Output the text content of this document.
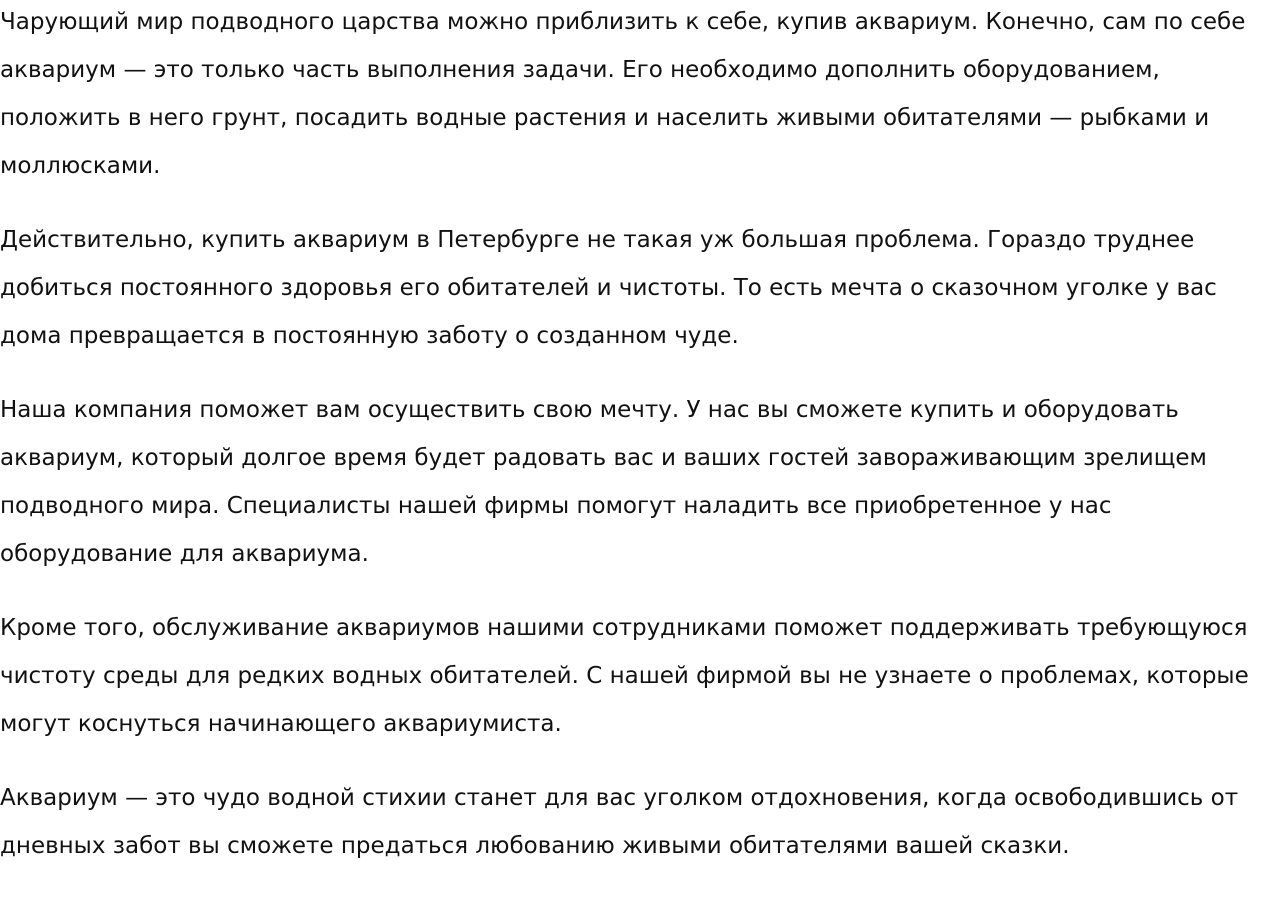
Чарующий мир подводного царства можно приблизить к себе, купив аквариум. Конечно, сам по себе аквариум — это только часть выполнения задачи. Его необходимо дополнить оборудованием, положить в него грунт, посадить водные растения и населить живыми обитателями — рыбками и моллюсками.

Действительно, купить аквариум в Петербурге не такая уж большая проблема. Гораздо труднее добиться постоянного здоровья его обитателей и чистоты. То есть мечта о сказочном уголке у вас дома превращается в постоянную заботу о созданном чуде.

Наша компания поможет вам осуществить свою мечту. У нас вы сможете купить и оборудовать аквариум, который долгое время будет радовать вас и ваших гостей завораживающим зрелищем подводного мира. Специалисты нашей фирмы помогут наладить все приобретенное у нас оборудование для аквариума.

Кроме того, обслуживание аквариумов нашими сотрудниками поможет поддерживать требующуюся чистоту среды для редких водных обитателей. С нашей фирмой вы не узнаете о проблемах, которые могут коснуться начинающего аквариумиста.

Аквариум — это чудо водной стихии станет для вас уголком отдохновения, когда освободившись от дневных забот вы сможете предаться любованию живыми обитателями вашей сказки.
